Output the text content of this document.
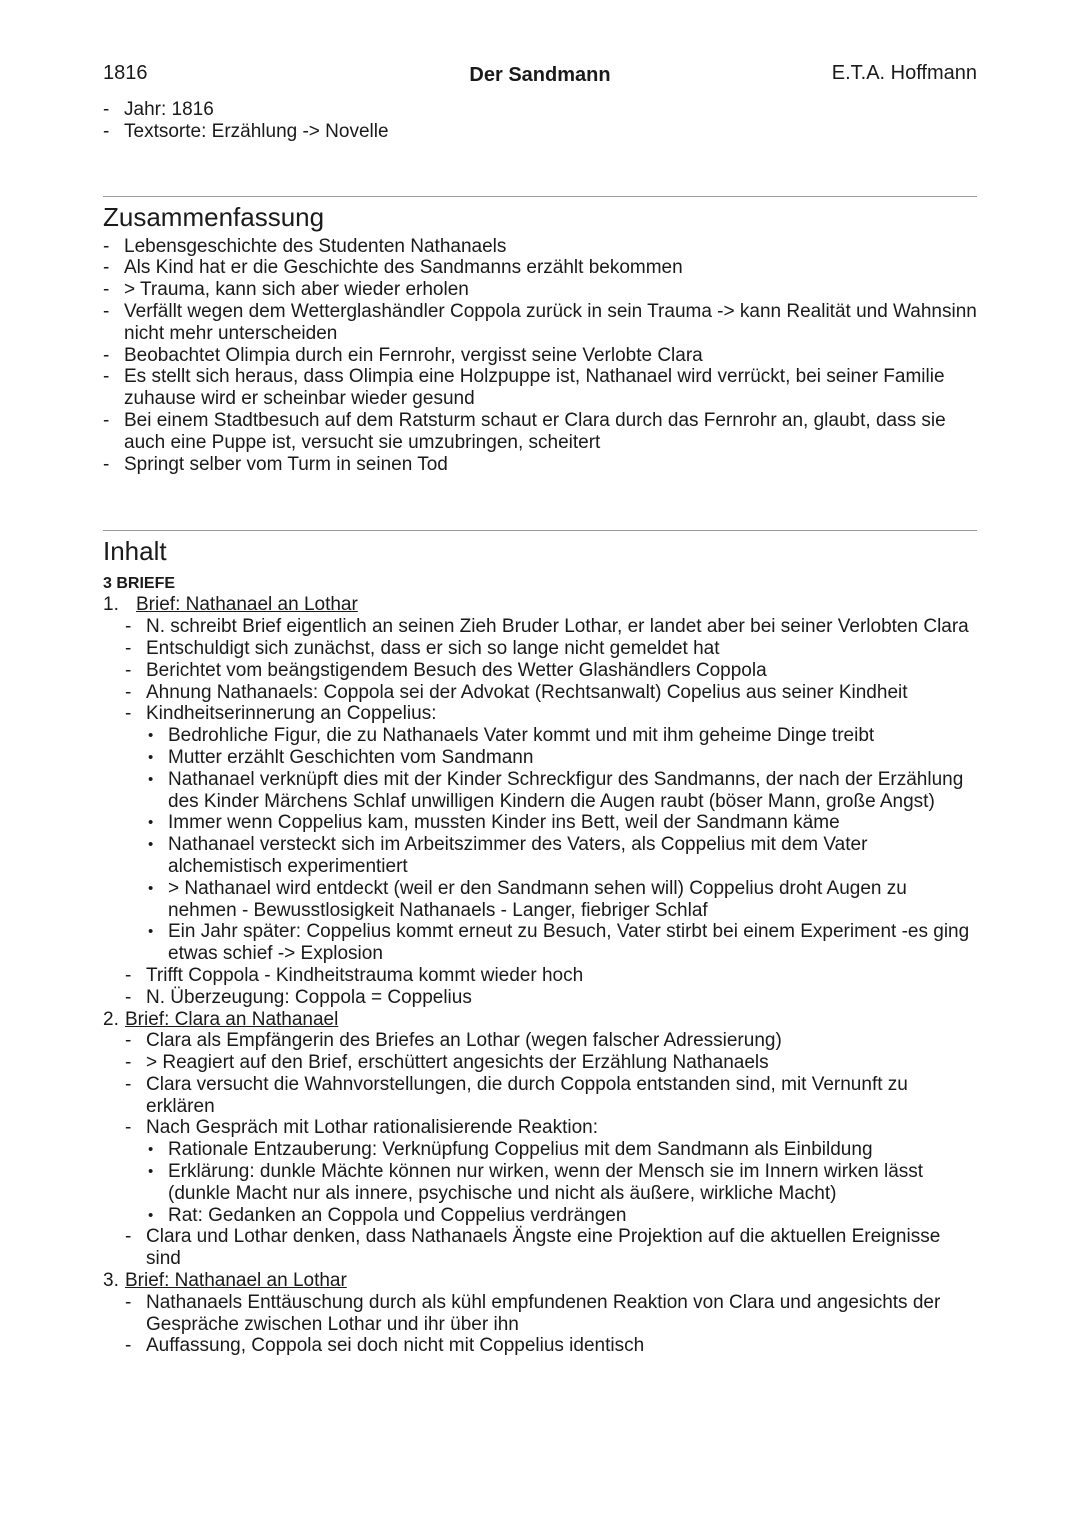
1816	Der Sandmann	E.T.A. Hoffmann
- Jahr: 1816
- Textsorte: Erzählung -> Novelle
Zusammenfassung
- Lebensgeschichte des Studenten Nathanaels
- Als Kind hat er die Geschichte des Sandmanns erzählt bekommen
- > Trauma, kann sich aber wieder erholen
- Verfällt wegen dem Wetterglashändler Coppola zurück in sein Trauma -> kann Realität und Wahnsinn nicht mehr unterscheiden
- Beobachtet Olimpia durch ein Fernrohr, vergisst seine Verlobte Clara
- Es stellt sich heraus, dass Olimpia eine Holzpuppe ist, Nathanael wird verrückt, bei seiner Familie zuhause wird er scheinbar wieder gesund
- Bei einem Stadtbesuch auf dem Ratsturm schaut er Clara durch das Fernrohr an, glaubt, dass sie auch eine Puppe ist, versucht sie umzubringen, scheitert
- Springt selber vom Turm in seinen Tod
Inhalt
3 BRIEFE
1. Brief: Nathanael an Lothar
- N. schreibt Brief eigentlich an seinen Zieh Bruder Lothar, er landet aber bei seiner Verlobten Clara
- Entschuldigt sich zunächst, dass er sich so lange nicht gemeldet hat
- Berichtet vom beängstigendem Besuch des Wetter Glashändlers Coppola
- Ahnung Nathanaels: Coppola sei der Advokat (Rechtsanwalt) Copelius aus seiner Kindheit
- Kindheitserinnerung an Coppelius:
• Bedrohliche Figur, die zu Nathanaels Vater kommt und mit ihm geheime Dinge treibt
• Mutter erzählt Geschichten vom Sandmann
• Nathanael verknüpft dies mit der Kinder Schreckfigur des Sandmanns, der nach der Erzählung des Kinder Märchens Schlaf unwilligen Kindern die Augen raubt (böser Mann, große Angst)
• Immer wenn Coppelius kam, mussten Kinder ins Bett, weil der Sandmann käme
• Nathanael versteckt sich im Arbeitszimmer des Vaters, als Coppelius mit dem Vater alchemistisch experimentiert
• > Nathanael wird entdeckt (weil er den Sandmann sehen will) Coppelius droht Augen zu nehmen - Bewusstlosigkeit Nathanaels - Langer, fiebriger Schlaf
• Ein Jahr später: Coppelius kommt erneut zu Besuch, Vater stirbt bei einem Experiment -es ging etwas schief -> Explosion
- Trifft Coppola - Kindheitstrauma kommt wieder hoch
- N. Überzeugung: Coppola = Coppelius
2. Brief: Clara an Nathanael
- Clara als Empfängerin des Briefes an Lothar (wegen falscher Adressierung)
- > Reagiert auf den Brief, erschüttert angesichts der Erzählung Nathanaels
- Clara versucht die Wahnvorstellungen, die durch Coppola entstanden sind, mit Vernunft zu erklären
- Nach Gespräch mit Lothar rationalisierende Reaktion:
• Rationale Entzauberung: Verknüpfung Coppelius mit dem Sandmann als Einbildung
• Erklärung: dunkle Mächte können nur wirken, wenn der Mensch sie im Innern wirken lässt (dunkle Macht nur als innere, psychische und nicht als äußere, wirkliche Macht)
• Rat: Gedanken an Coppola und Coppelius verdrängen
- Clara und Lothar denken, dass Nathanaels Ängste eine Projektion auf die aktuellen Ereignisse sind
3. Brief: Nathanael an Lothar
- Nathanaels Enttäuschung durch als kühl empfundenen Reaktion von Clara und angesichts der Gespräche zwischen Lothar und ihr über ihn
- Auffassung, Coppola sei doch nicht mit Coppelius identisch
